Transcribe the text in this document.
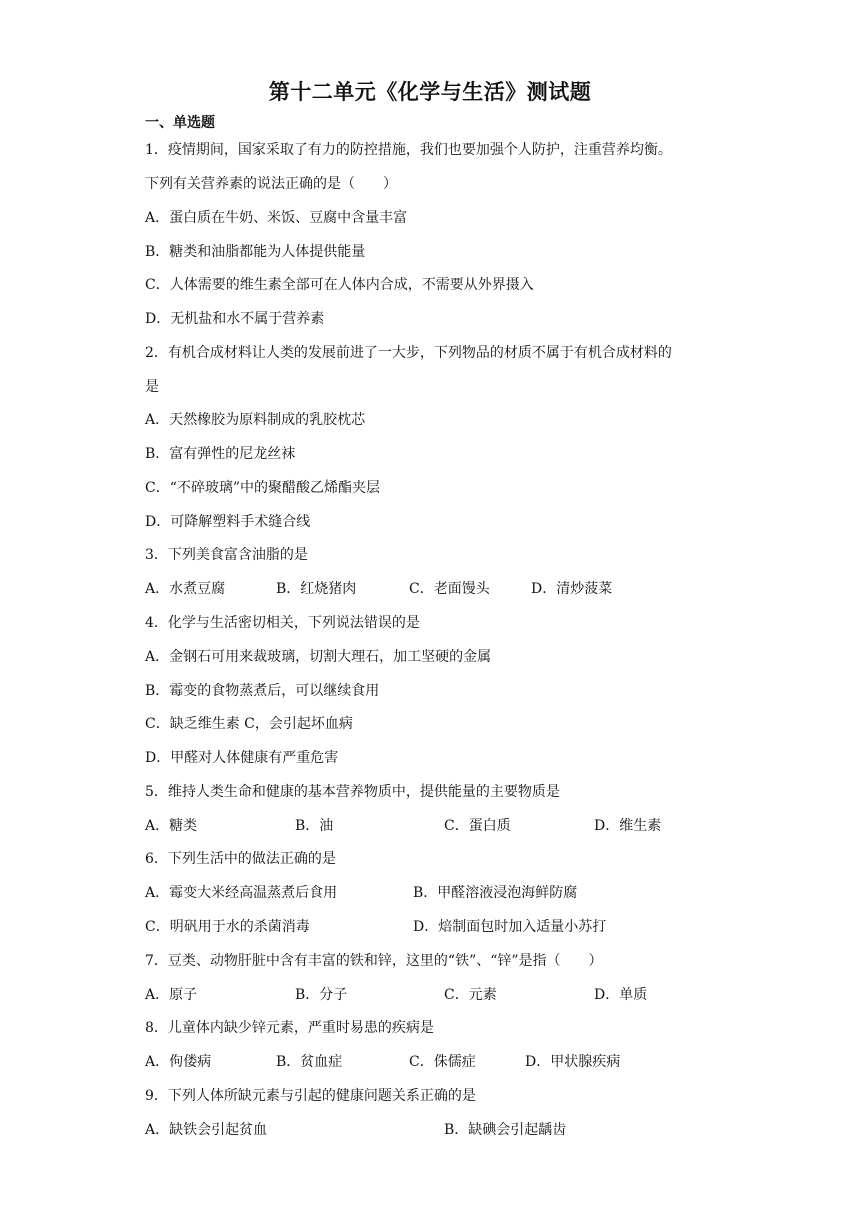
第十二单元《化学与生活》测试题
一、单选题
1．疫情期间，国家采取了有力的防控措施，我们也要加强个人防护，注重营养均衡。
下列有关营养素的说法正确的是（　　）
A．蛋白质在牛奶、米饭、豆腐中含量丰富
B．糖类和油脂都能为人体提供能量
C．人体需要的维生素全部可在人体内合成，不需要从外界摄入
D．无机盐和水不属于营养素
2．有机合成材料让人类的发展前进了一大步，下列物品的材质不属于有机合成材料的
是
A．天然橡胶为原料制成的乳胶枕芯
B．富有弹性的尼龙丝袜
C．“不碎玻璃”中的聚醋酸乙烯酯夹层
D．可降解塑料手术缝合线
3．下列美食富含油脂的是
A．水煮豆腐	B．红烧猪肉	C．老面馒头	D．清炒菠菜
4．化学与生活密切相关，下列说法错误的是
A．金钢石可用来裁玻璃，切割大理石，加工坚硬的金属
B．霉变的食物蒸煮后，可以继续食用
C．缺乏维生素 C，会引起坏血病
D．甲醛对人体健康有严重危害
5．维持人类生命和健康的基本营养物质中，提供能量的主要物质是
A．糖类	B．油	C．蛋白质	D．维生素
6．下列生活中的做法正确的是
A．霉变大米经高温蒸煮后食用	B．甲醛溶液浸泡海鲜防腐
C．明矾用于水的杀菌消毒	D．焙制面包时加入适量小苏打
7．豆类、动物肝脏中含有丰富的铁和锌，这里的“铁”、“锌”是指（　　）
A．原子	B．分子	C．元素	D．单质
8．儿童体内缺少锌元素，严重时易患的疾病是
A．佝偻病	B．贫血症	C．侏儒症	D．甲状腺疾病
9．下列人体所缺元素与引起的健康问题关系正确的是
A．缺铁会引起贫血	B．缺碘会引起龋齿
